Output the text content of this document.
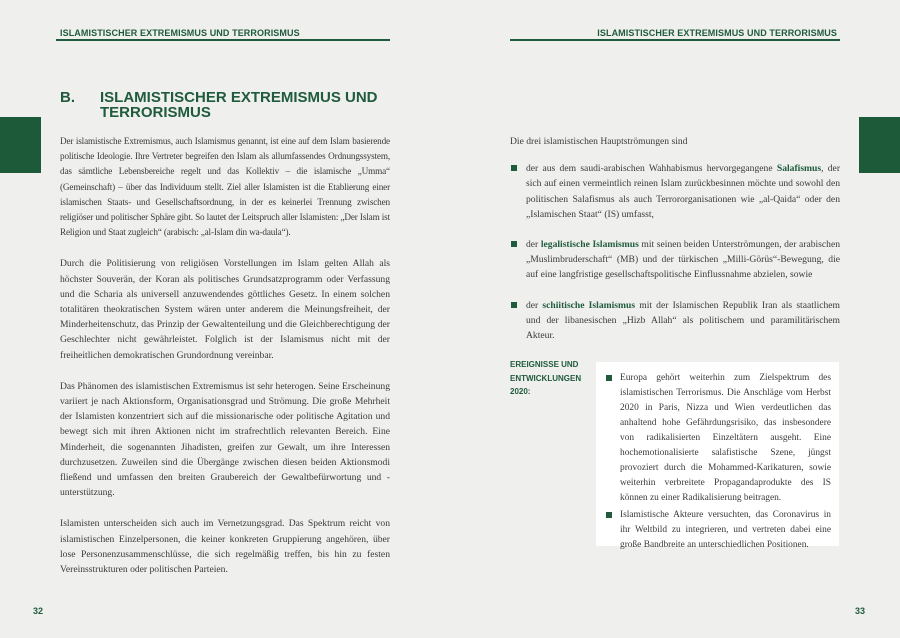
ISLAMISTISCHER EXTREMISMUS UND TERRORISMUS
B.	ISLAMISTISCHER EXTREMISMUS UND TERRORISMUS

Der islamistische Extremismus, auch Islamismus genannt, ist eine auf dem Islam basierende politische Ideologie. Ihre Vertreter begreifen den Islam als allumfassendes Ordnungssystem, das sämtliche Lebensbereiche regelt und das Kollektiv – die islamische „Umma“ (Gemeinschaft) – über das Individuum stellt. Ziel aller Islamisten ist die Etablierung einer islamischen Staats- und Gesellschaftsordnung, in der es keinerlei Trennung zwischen religiöser und politischer Sphäre gibt. So lautet der Leitspruch aller Islamisten: „Der Islam ist Religion und Staat zugleich“ (arabisch: „al-Islam din wa-daula“).

Durch die Politisierung von religiösen Vorstellungen im Islam gelten Allah als höchster Souverän, der Koran als politisches Grundsatzprogramm oder Verfassung und die Scharia als universell anzuwendendes göttliches Gesetz. In einem solchen totalitären theokratischen System wären unter anderem die Meinungsfreiheit, der Minderheitenschutz, das Prinzip der Gewaltenteilung und die Gleichberechtigung der Geschlechter nicht gewährleistet. Folglich ist der Islamismus nicht mit der freiheitlichen demokratischen Grundordnung vereinbar.

Das Phänomen des islamistischen Extremismus ist sehr heterogen. Seine Erscheinung variiert je nach Aktionsform, Organisationsgrad und Strömung. Die große Mehrheit der Islamisten konzentriert sich auf die missionarische oder politische Agitation und bewegt sich mit ihren Aktionen nicht im strafrechtlich relevanten Bereich. Eine Minderheit, die sogenannten Jihadisten, greifen zur Gewalt, um ihre Interessen durchzusetzen. Zuweilen sind die Übergänge zwischen diesen beiden Aktionsmodi fließend und umfassen den breiten Graubereich der Gewaltbefürwortung und -unterstützung.

Islamisten unterscheiden sich auch im Vernetzungsgrad. Das Spektrum reicht von islamistischen Einzelpersonen, die keiner konkreten Gruppierung angehören, über lose Personenzusammenschlüsse, die sich regelmäßig treffen, bis hin zu festen Vereinsstrukturen oder politischen Parteien.

32
ISLAMISTISCHER EXTREMISMUS UND TERRORISMUS

Die drei islamistischen Hauptströmungen sind

der aus dem saudi-arabischen Wahhabismus hervorgegangene Salafismus, der sich auf einen vermeintlich reinen Islam zurückbesinnen möchte und sowohl den politischen Salafismus als auch Terrororganisationen wie „al-Qaida“ oder den „Islamischen Staat“ (IS) umfasst,
der legalistische Islamismus mit seinen beiden Unterströmungen, der arabischen „Muslimbruderschaft“ (MB) und der türkischen „Milli-Görüs“-Bewegung, die auf eine langfristige gesellschaftspolitische Einflussnahme abzielen, sowie
der schiitische Islamismus mit der Islamischen Republik Iran als staatlichem und der libanesischen „Hizb Allah“ als politischem und paramilitärischem Akteur.
EREIGNISSE UND ENTWICKLUNGEN 2020:
Europa gehört weiterhin zum Zielspektrum des islamistischen Terrorismus. Die Anschläge vom Herbst 2020 in Paris, Nizza und Wien verdeutlichen das anhaltend hohe Gefährdungsrisiko, das insbesondere von radikalisierten Einzeltätern ausgeht. Eine hochemotionalisierte salafistische Szene, jüngst provoziert durch die Mohammed-Karikaturen, sowie weiterhin verbreitete Propagandaprodukte des IS können zu einer Radikalisierung beitragen.
Islamistische Akteure versuchten, das Coronavirus in ihr Weltbild zu integrieren, und vertreten dabei eine große Bandbreite an unterschiedlichen Positionen.
33
